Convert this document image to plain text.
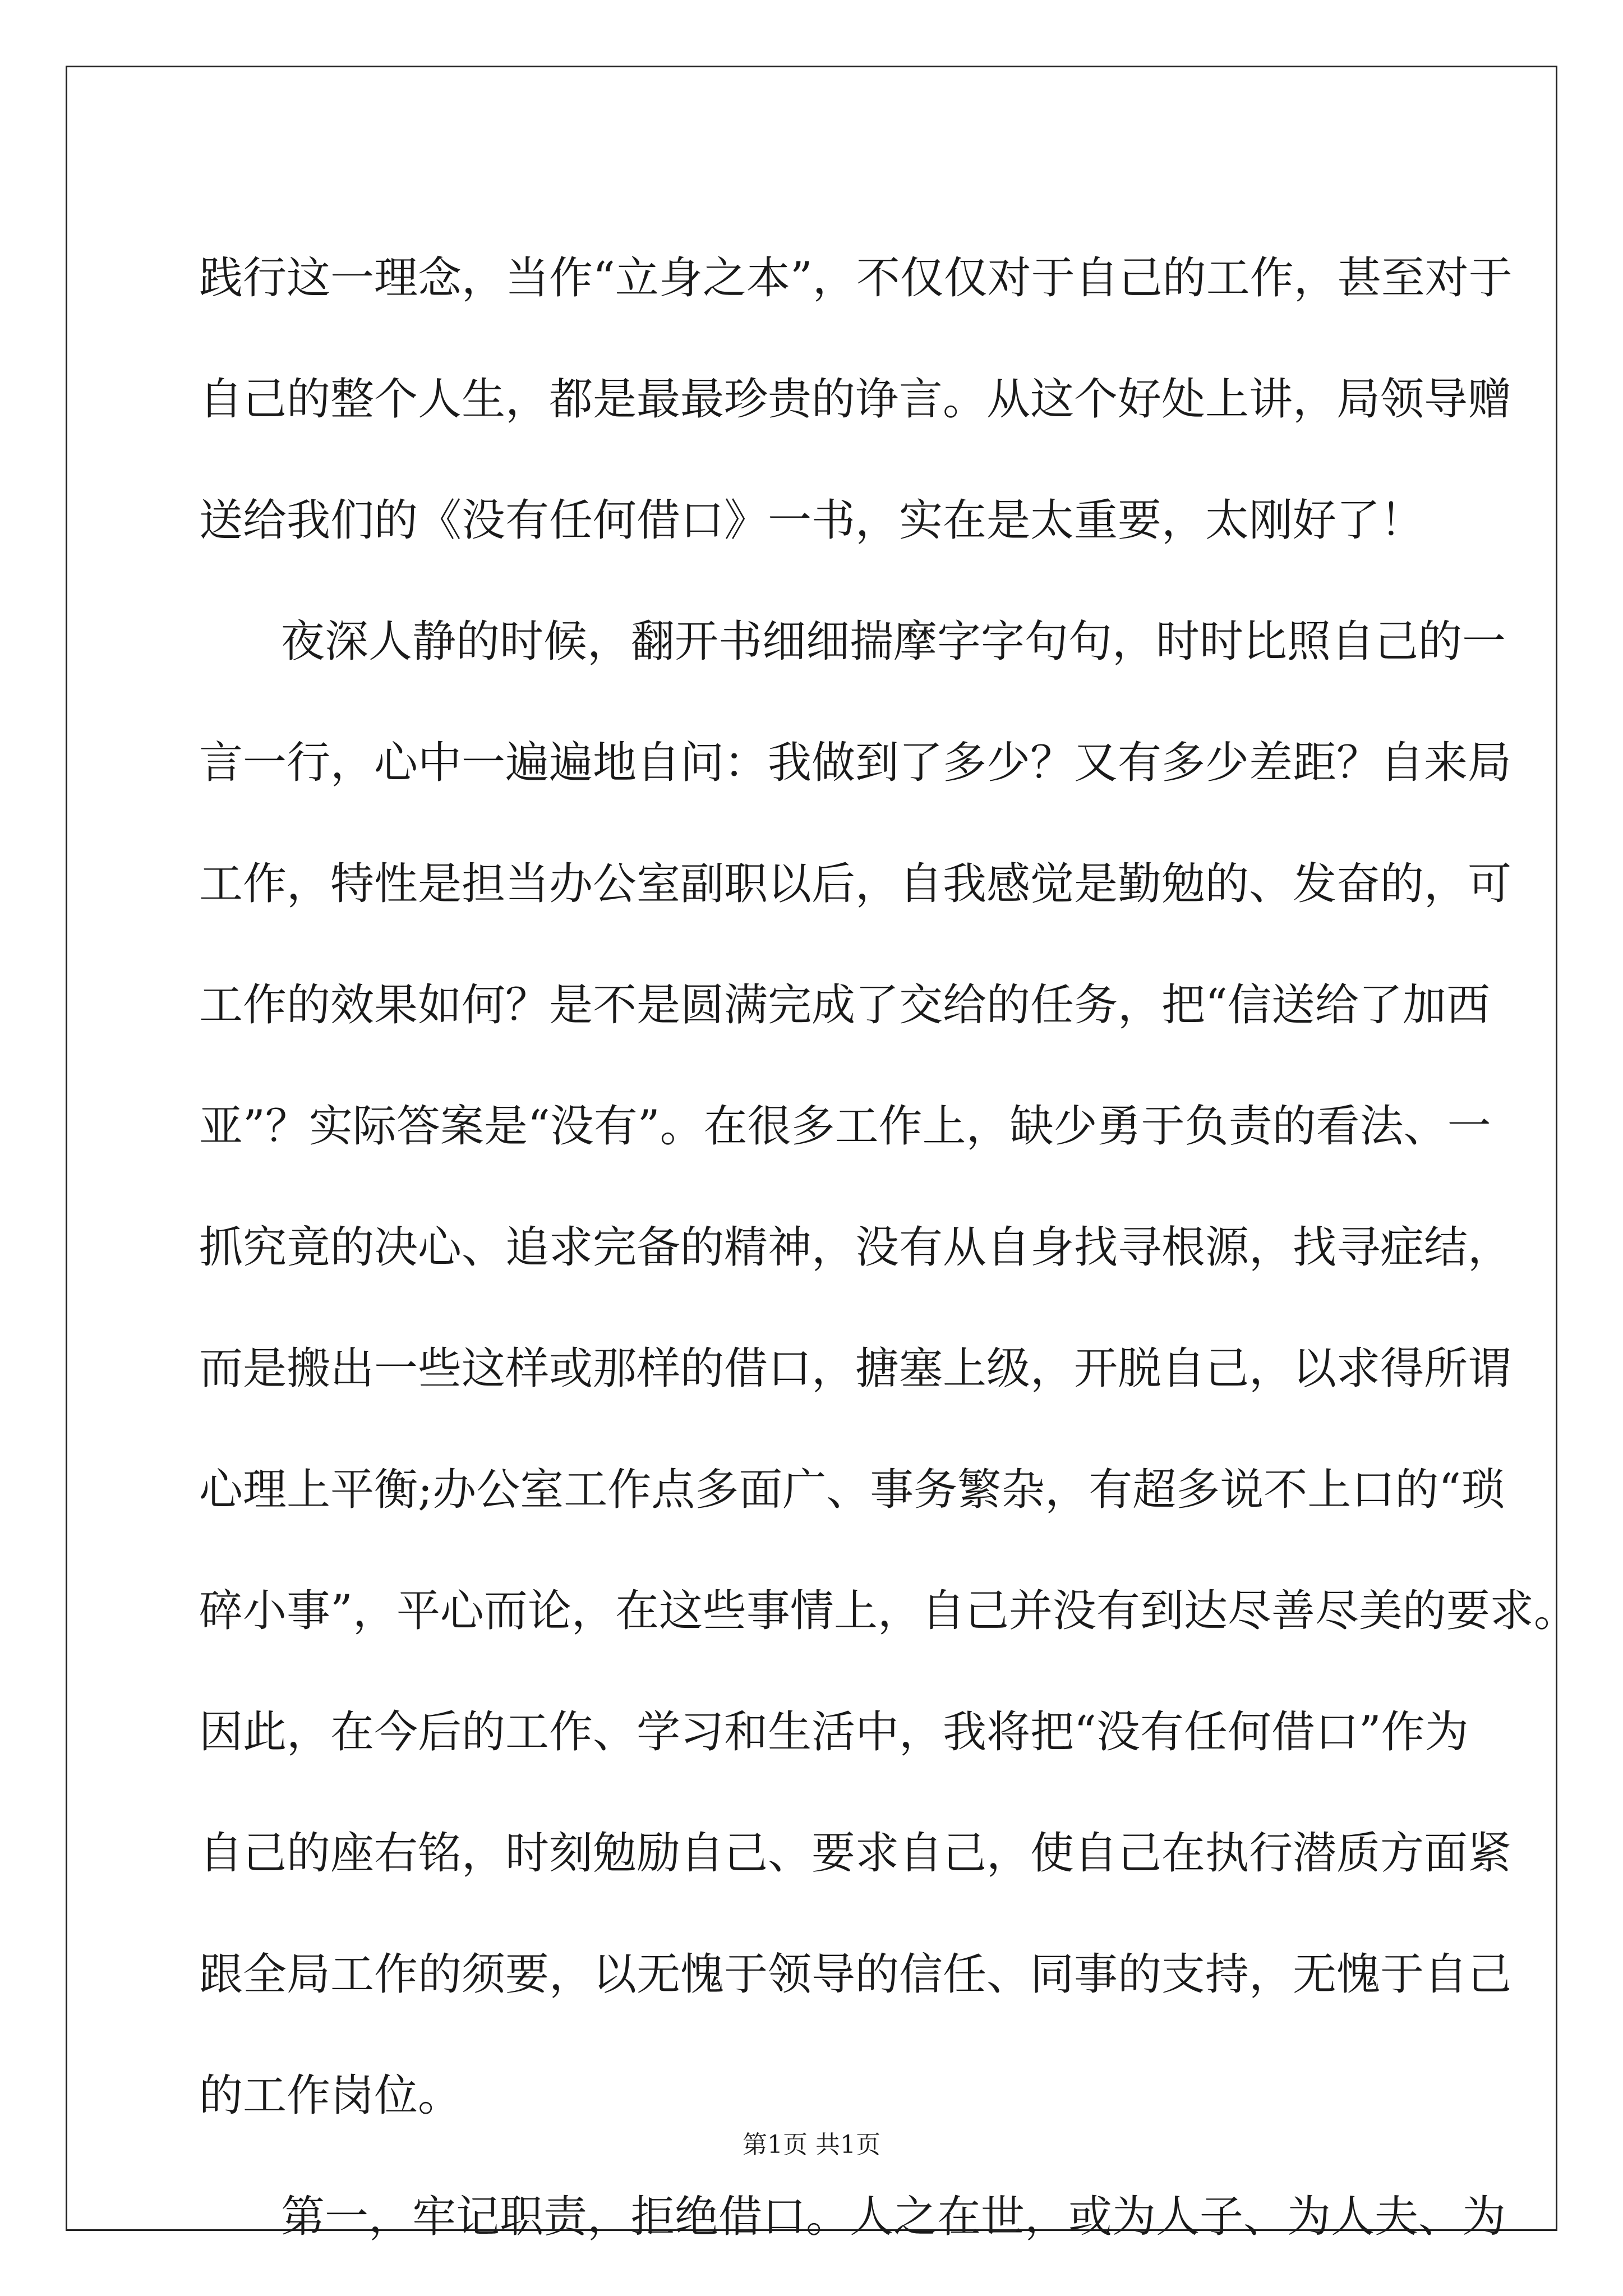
践行这一理念，当作“立身之本”，不仅仅对于自己的工作，甚至对于
自己的整个人生，都是最最珍贵的诤言。从这个好处上讲，局领导赠
送给我们的《没有任何借口》一书，实在是太重要，太刚好了！
夜深人静的时候，翻开书细细揣摩字字句句，时时比照自己的一
言一行，心中一遍遍地自问：我做到了多少？又有多少差距？自来局
工作，特性是担当办公室副职以后，自我感觉是勤勉的、发奋的，可
工作的效果如何？是不是圆满完成了交给的任务，把“信送给了加西
亚”？实际答案是“没有”。在很多工作上，缺少勇于负责的看法、一
抓究竟的决心、追求完备的精神，没有从自身找寻根源，找寻症结，
而是搬出一些这样或那样的借口，搪塞上级，开脱自己，以求得所谓
心理上平衡;办公室工作点多面广、事务繁杂，有超多说不上口的“琐
碎小事”，平心而论，在这些事情上，自己并没有到达尽善尽美的要求。
因此，在今后的工作、学习和生活中，我将把“没有任何借口”作为
自己的座右铭，时刻勉励自己、要求自己，使自己在执行潜质方面紧
跟全局工作的须要，以无愧于领导的信任、同事的支持，无愧于自己
的工作岗位。
第一，牢记职责，拒绝借口。人之在世，或为人子、为人夫、为
第1页 共1页
